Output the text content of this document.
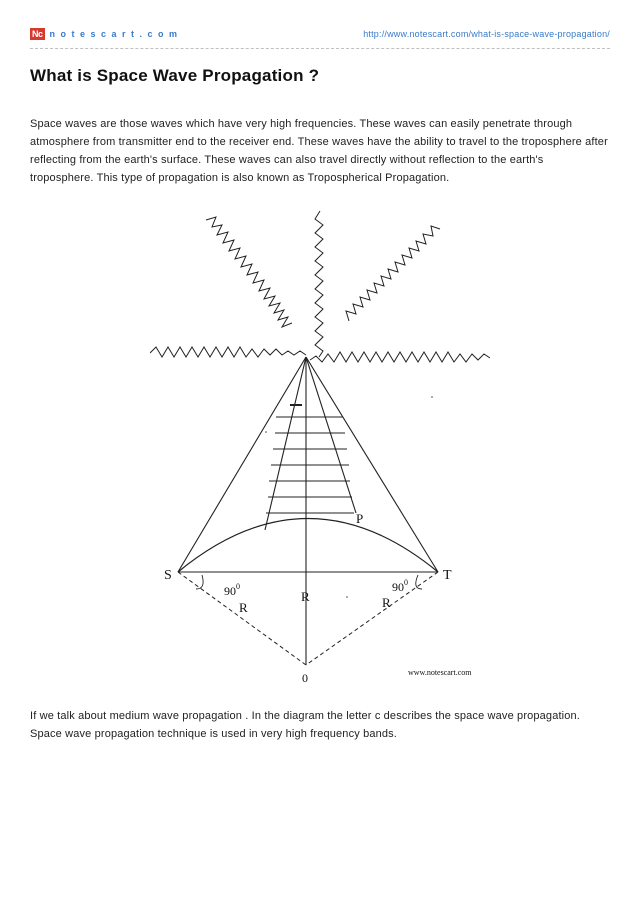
Nc n o t e s c a r t . c o m	http://www.notescart.com/what-is-space-wave-propagation/
What is Space Wave Propagation ?

Space waves are those waves which have very high frequencies. These waves can easily penetrate through atmosphere from transmitter end to the receiver end. These waves have the ability to travel to the troposphere after reflecting from the earth's surface. These waves can also travel directly without reflection to the earth's troposphere. This type of propagation is also known as Tropospherical Propagation.

S	T
P
$90^0$	$90^0$
R
R	R
0	www.notescart.com

If we talk about medium wave propagation . In the diagram the letter c describes the space wave propagation. Space wave propagation technique is used in very high frequency bands.
